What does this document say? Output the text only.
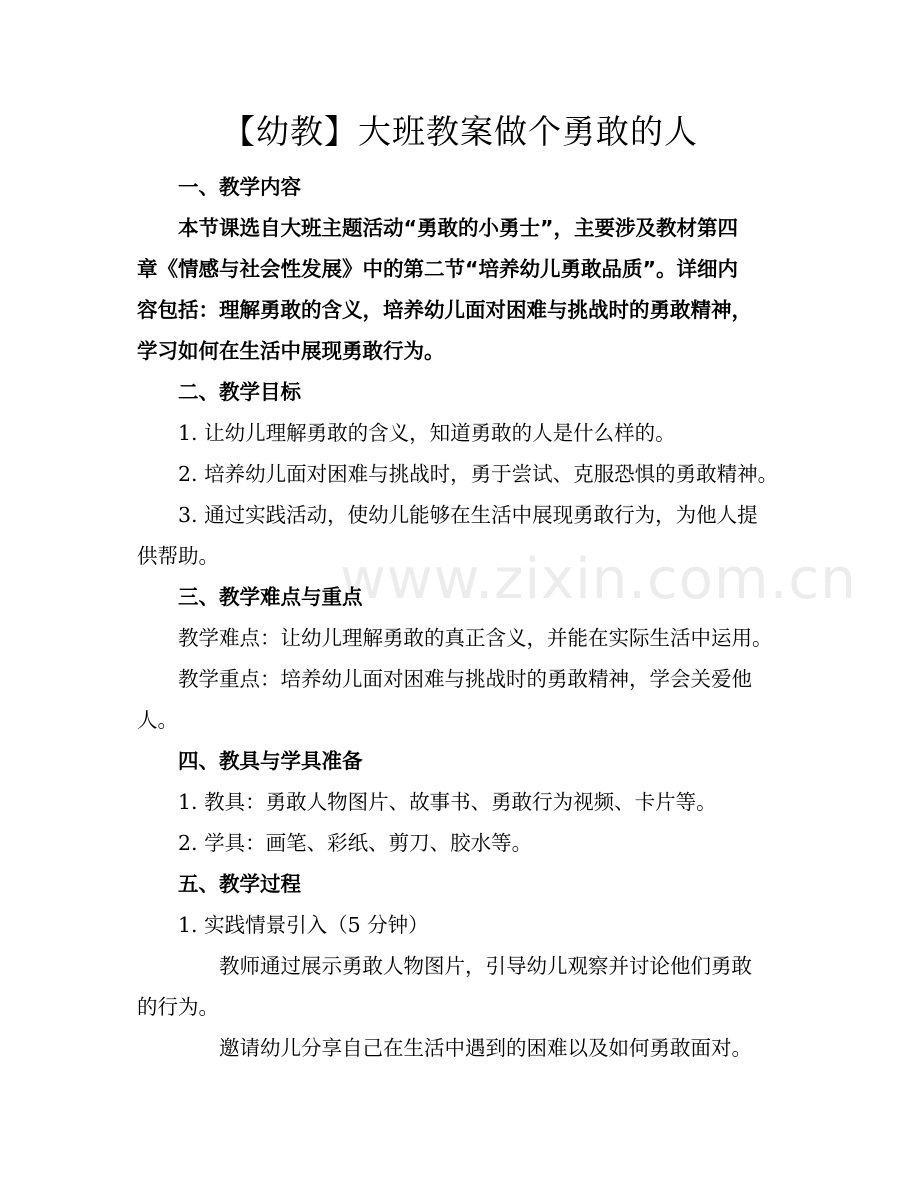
【幼教】大班教案做个勇敢的人
一、教学内容
本节课选自大班主题活动“勇敢的小勇士”，主要涉及教材第四
章《情感与社会性发展》中的第二节“培养幼儿勇敢品质”。详细内
容包括：理解勇敢的含义，培养幼儿面对困难与挑战时的勇敢精神，
学习如何在生活中展现勇敢行为。
二、教学目标
1. 让幼儿理解勇敢的含义，知道勇敢的人是什么样的。
2. 培养幼儿面对困难与挑战时，勇于尝试、克服恐惧的勇敢精神。
3. 通过实践活动，使幼儿能够在生活中展现勇敢行为，为他人提
供帮助。
三、教学难点与重点
教学难点：让幼儿理解勇敢的真正含义，并能在实际生活中运用。
教学重点：培养幼儿面对困难与挑战时的勇敢精神，学会关爱他
人。
四、教具与学具准备
1. 教具：勇敢人物图片、故事书、勇敢行为视频、卡片等。
2. 学具：画笔、彩纸、剪刀、胶水等。
五、教学过程
1. 实践情景引入（5 分钟）
教师通过展示勇敢人物图片，引导幼儿观察并讨论他们勇敢
的行为。
邀请幼儿分享自己在生活中遇到的困难以及如何勇敢面对。
www.zixin.com.cn
